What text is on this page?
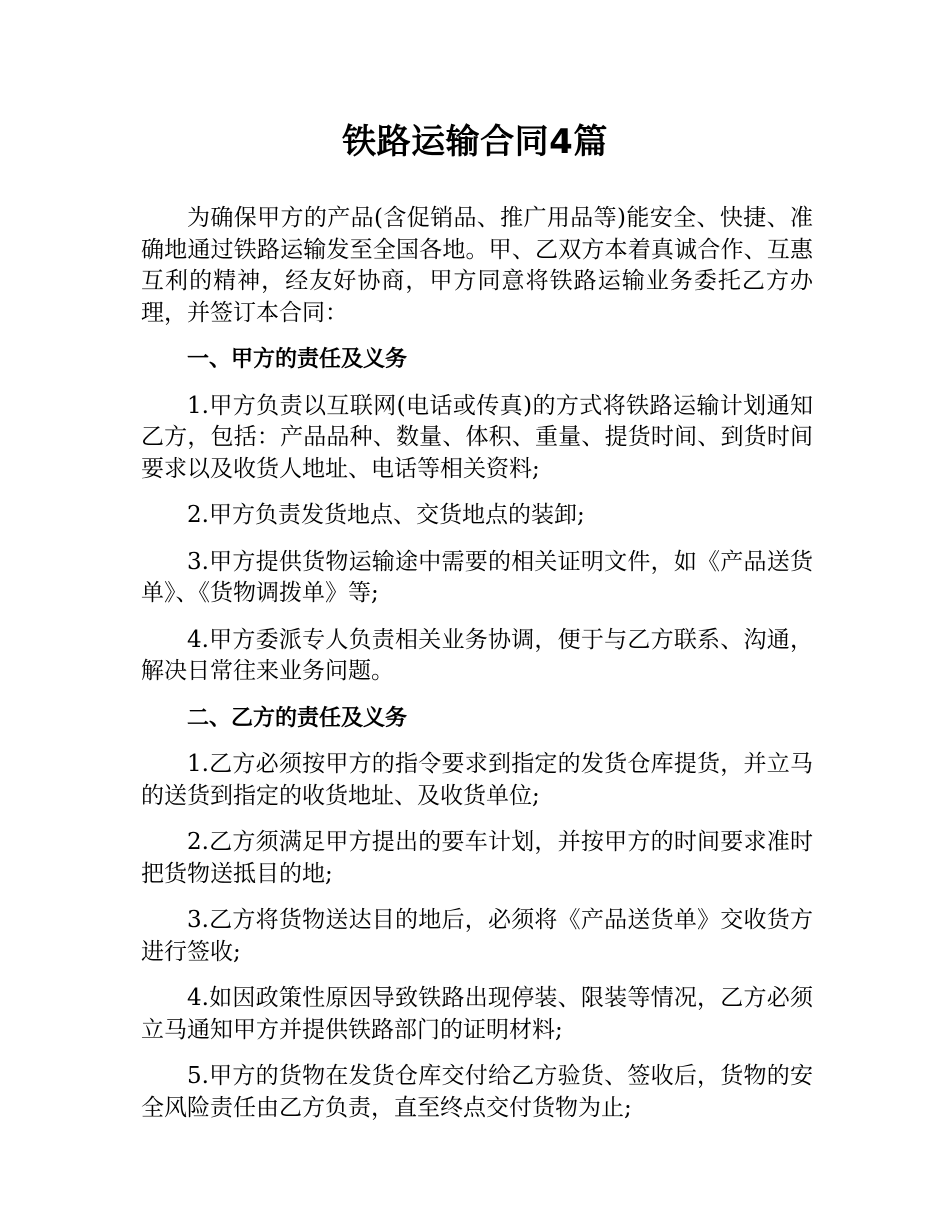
铁路运输合同4篇

为确保甲方的产品(含促销品、推广用品等)能安全、快捷、准确地通过铁路运输发至全国各地。甲、乙双方本着真诚合作、互惠互利的精神，经友好协商，甲方同意将铁路运输业务委托乙方办理，并签订本合同：

一、甲方的责任及义务

1.甲方负责以互联网(电话或传真)的方式将铁路运输计划通知乙方，包括：产品品种、数量、体积、重量、提货时间、到货时间要求以及收货人地址、电话等相关资料;

2.甲方负责发货地点、交货地点的装卸;

3.甲方提供货物运输途中需要的相关证明文件，如《产品送货单》、《货物调拨单》等;

4.甲方委派专人负责相关业务协调，便于与乙方联系、沟通，解决日常往来业务问题。

二、乙方的责任及义务

1.乙方必须按甲方的指令要求到指定的发货仓库提货，并立马的送货到指定的收货地址、及收货单位;

2.乙方须满足甲方提出的要车计划，并按甲方的时间要求准时把货物送抵目的地;

3.乙方将货物送达目的地后，必须将《产品送货单》交收货方进行签收;

4.如因政策性原因导致铁路出现停装、限装等情况，乙方必须立马通知甲方并提供铁路部门的证明材料;

5.甲方的货物在发货仓库交付给乙方验货、签收后，货物的安全风险责任由乙方负责，直至终点交付货物为止;
